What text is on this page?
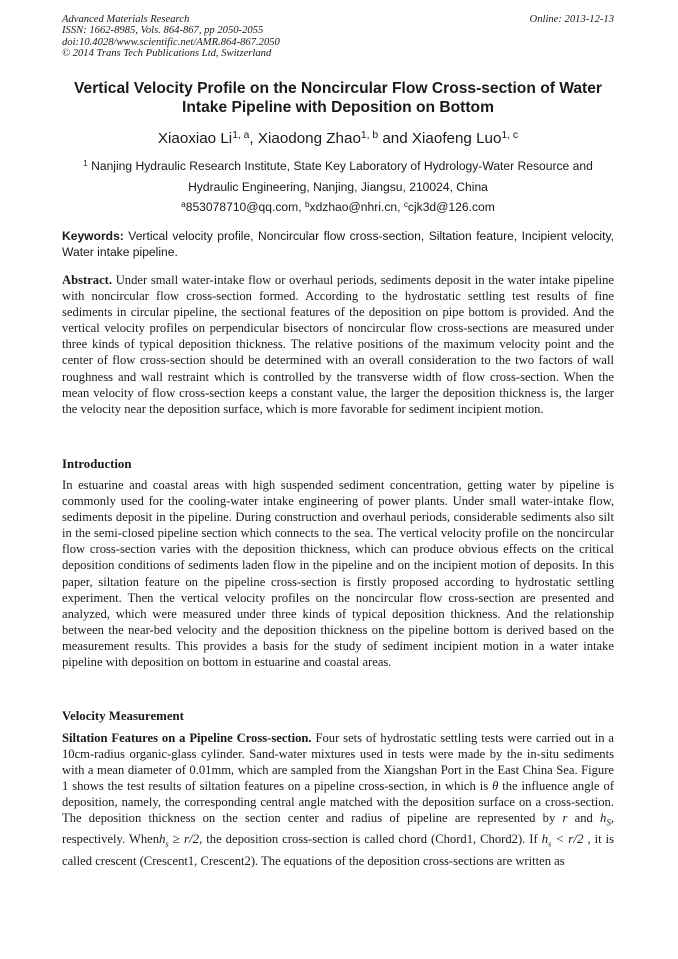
Advanced Materials Research
ISSN: 1662-8985, Vols. 864-867, pp 2050-2055
doi:10.4028/www.scientific.net/AMR.864-867.2050
© 2014 Trans Tech Publications Ltd, Switzerland
Online: 2013-12-13
Vertical Velocity Profile on the Noncircular Flow Cross-section of Water Intake Pipeline with Deposition on Bottom
Xiaoxiao Li$^{1, a}$, Xiaodong Zhao$^{1, b}$ and Xiaofeng Luo$^{1, c}$
$^1$ Nanjing Hydraulic Research Institute, State Key Laboratory of Hydrology-Water Resource and Hydraulic Engineering, Nanjing, Jiangsu, 210024, China
$^a$853078710@qq.com, $^b$xdzhao@nhri.cn, $^c$cjk3d@126.com
Keywords: Vertical velocity profile, Noncircular flow cross-section, Siltation feature, Incipient velocity, Water intake pipeline.
Abstract. Under small water-intake flow or overhaul periods, sediments deposit in the water intake pipeline with noncircular flow cross-section formed. According to the hydrostatic settling test results of fine sediments in circular pipeline, the sectional features of the deposition on pipe bottom is provided. And the vertical velocity profiles on perpendicular bisectors of noncircular flow cross-sections are measured under three kinds of typical deposition thickness. The relative positions of the maximum velocity point and the center of flow cross-section should be determined with an overall consideration to the two factors of wall roughness and wall restraint which is controlled by the transverse width of flow cross-section. When the mean velocity of flow cross-section keeps a constant value, the larger the deposition thickness is, the larger the velocity near the deposition surface, which is more favorable for sediment incipient motion.
Introduction
In estuarine and coastal areas with high suspended sediment concentration, getting water by pipeline is commonly used for the cooling-water intake engineering of power plants. Under small water-intake flow, sediments deposit in the pipeline. During construction and overhaul periods, considerable sediments also silt in the semi-closed pipeline section which connects to the sea. The vertical velocity profile on the noncircular flow cross-section varies with the deposition thickness, which can produce obvious effects on the critical deposition conditions of sediments laden flow in the pipeline and on the incipient motion of deposits. In this paper, siltation feature on the pipeline cross-section is firstly proposed according to hydrostatic settling experiment. Then the vertical velocity profiles on the noncircular flow cross-section are presented and analyzed, which were measured under three kinds of typical deposition thickness. And the relationship between the near-bed velocity and the deposition thickness on the pipeline bottom is derived based on the measurement results. This provides a basis for the study of sediment incipient motion in a water intake pipeline with deposition on bottom in estuarine and coastal areas.
Velocity Measurement
Siltation Features on a Pipeline Cross-section. Four sets of hydrostatic settling tests were carried out in a 10cm-radius organic-glass cylinder. Sand-water mixtures used in tests were made by the in-situ sediments with a mean diameter of 0.01mm, which are sampled from the Xiangshan Port in the East China Sea. Figure 1 shows the test results of siltation features on a pipeline cross-section, in which is θ the influence angle of deposition, namely, the corresponding central angle matched with the deposition surface on a cross-section. The deposition thickness on the section center and radius of pipeline are represented by r and $h_S$, respectively. Whenh$_s$ ≥ r/2, the deposition cross-section is called chord (Chord1, Chord2). If $h_s < r/2$ , it is called crescent (Crescent1, Crescent2). The equations of the deposition cross-sections are written as
